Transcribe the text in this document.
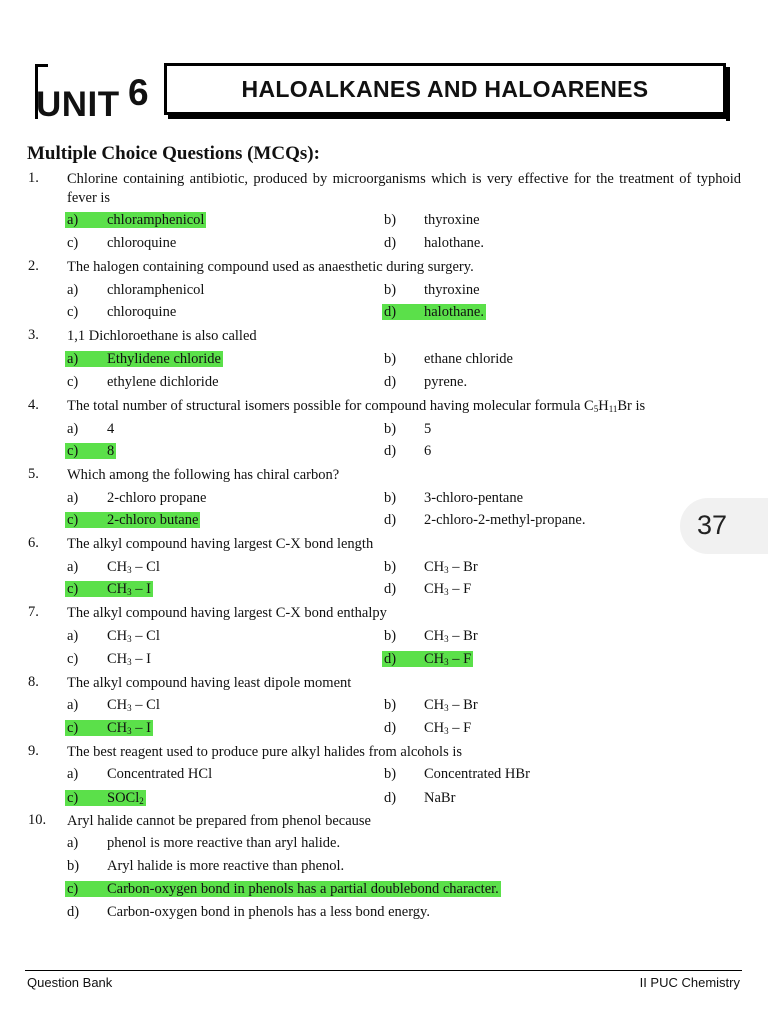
UNIT 6	HALOALKANES AND HALOARENES
Multiple Choice Questions (MCQs):
1. Chlorine containing antibiotic, produced by microorganisms which is very effective for the treatment of typhoid fever is
a) chloramphenicol	b) thyroxine
c) chloroquine	d) halothane.
2. The halogen containing compound used as anaesthetic during surgery.
a) chloramphenicol	b) thyroxine
c) chloroquine	d) halothane.
3. 1,1 Dichloroethane is also called
a) Ethylidene chloride	b) ethane chloride
c) ethylene dichloride	d) pyrene.
4. The total number of structural isomers possible for compound having molecular formula $C_5H_{11}Br$ is
a) 4	b) 5
c) 8	d) 6
5. Which among the following has chiral carbon?
a) 2-chloro propane	b) 3-chloro-pentane
c) 2-chloro butane	d) 2-chloro-2-methyl-propane.	37
6. The alkyl compound having largest C-X bond length
a) $CH_3$ – Cl	b) $CH_3$ – Br
c) $CH_3$ – I	d) $CH_3$ – F
7. The alkyl compound having largest C-X bond enthalpy
a) $CH_3$ – Cl	b) $CH_3$ – Br
c) $CH_3$ – I	d) $CH_3$ – F
8. The alkyl compound having least dipole moment
a) $CH_3$ – Cl	b) $CH_3$ – Br
c) $CH_3$ – I	d) $CH_3$ – F
9. The best reagent used to produce pure alkyl halides from alcohols is
a) Concentrated HCl	b) Concentrated HBr
c) SOCl$_2$	d) NaBr
10. Aryl halide cannot be prepared from phenol because
a) phenol is more reactive than aryl halide.
b) Aryl halide is more reactive than phenol.
c) Carbon-oxygen bond in phenols has a partial doublebond character.
d) Carbon-oxygen bond in phenols has a less bond energy.
Question Bank	II PUC Chemistry
